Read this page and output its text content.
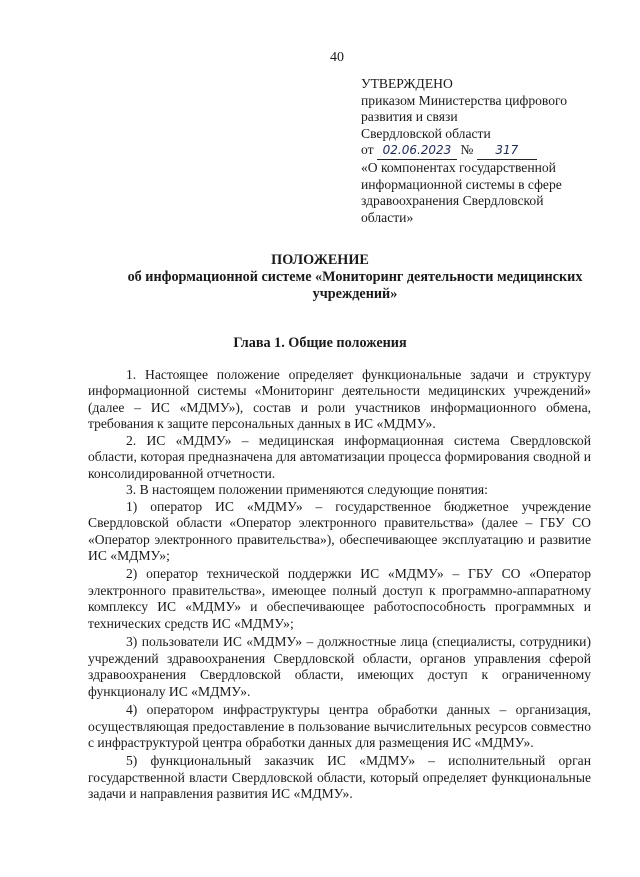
40
УТВЕРЖДЕНО
приказом Министерства цифрового
развития и связи
Свердловской области
от 02.06.2023 № 317
«О компонентах государственной
информационной системы в сфере
здравоохранения Свердловской
области»
ПОЛОЖЕНИЕ
об информационной системе «Мониторинг деятельности медицинских учреждений»
Глава 1. Общие положения

1. Настоящее положение определяет функциональные задачи и структуру информационной системы «Мониторинг деятельности медицинских учреждений» (далее – ИС «МДМУ»), состав и роли участников информационного обмена, требования к защите персональных данных в ИС «МДМУ».

2. ИС «МДМУ» – медицинская информационная система Свердловской области, которая предназначена для автоматизации процесса формирования сводной и консолидированной отчетности.

3. В настоящем положении применяются следующие понятия:

1) оператор ИС «МДМУ» – государственное бюджетное учреждение Свердловской области «Оператор электронного правительства» (далее – ГБУ СО «Оператор электронного правительства»), обеспечивающее эксплуатацию и развитие ИС «МДМУ»;

2) оператор технической поддержки ИС «МДМУ» – ГБУ СО «Оператор электронного правительства», имеющее полный доступ к программно-аппаратному комплексу ИС «МДМУ» и обеспечивающее работоспособность программных и технических средств ИС «МДМУ»;

3) пользователи ИС «МДМУ» – должностные лица (специалисты, сотрудники) учреждений здравоохранения Свердловской области, органов управления сферой здравоохранения Свердловской области, имеющих доступ к ограниченному функционалу ИС «МДМУ».

4) оператором инфраструктуры центра обработки данных – организация, осуществляющая предоставление в пользование вычислительных ресурсов совместно с инфраструктурой центра обработки данных для размещения ИС «МДМУ».

5) функциональный заказчик ИС «МДМУ» – исполнительный орган государственной власти Свердловской области, который определяет функциональные задачи и направления развития ИС «МДМУ».
